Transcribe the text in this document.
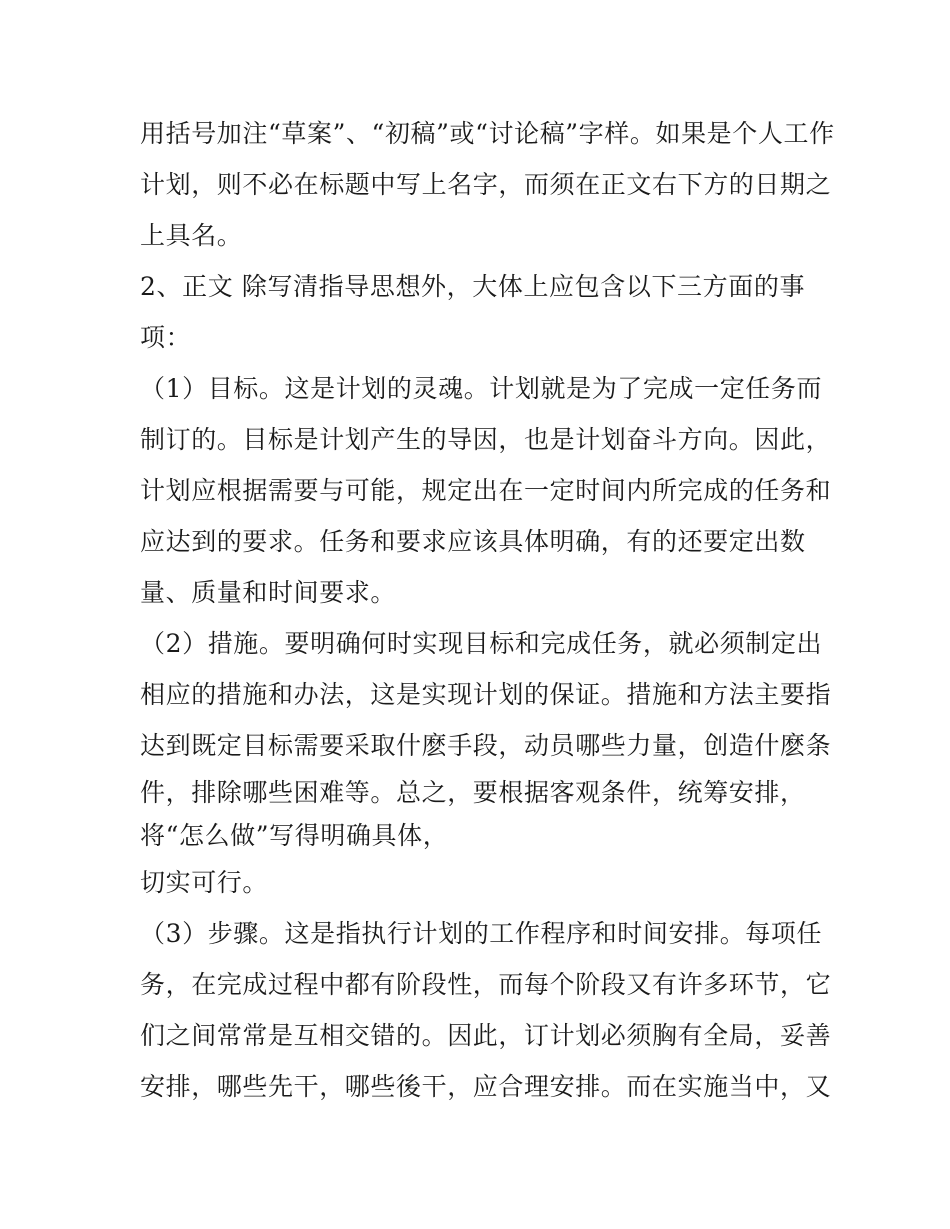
用括号加注“草案”、“初稿”或“讨论稿”字样。如果是个人工作
计划，则不必在标题中写上名字，而须在正文右下方的日期之
上具名。
2、正文 除写清指导思想外，大体上应包含以下三方面的事
项：
（1）目标。这是计划的灵魂。计划就是为了完成一定任务而
制订的。目标是计划产生的导因，也是计划奋斗方向。因此，
计划应根据需要与可能，规定出在一定时间内所完成的任务和
应达到的要求。任务和要求应该具体明确，有的还要定出数
量、质量和时间要求。
（2）措施。要明确何时实现目标和完成任务，就必须制定出
相应的措施和办法，这是实现计划的保证。措施和方法主要指
达到既定目标需要采取什麽手段，动员哪些力量，创造什麽条
件，排除哪些困难等。总之，要根据客观条件，统筹安排，
将“怎么做”写得明确具体，
切实可行。
（3）步骤。这是指执行计划的工作程序和时间安排。每项任
务，在完成过程中都有阶段性，而每个阶段又有许多环节，它
们之间常常是互相交错的。因此，订计划必须胸有全局，妥善
安排，哪些先干，哪些後干，应合理安排。而在实施当中，又
